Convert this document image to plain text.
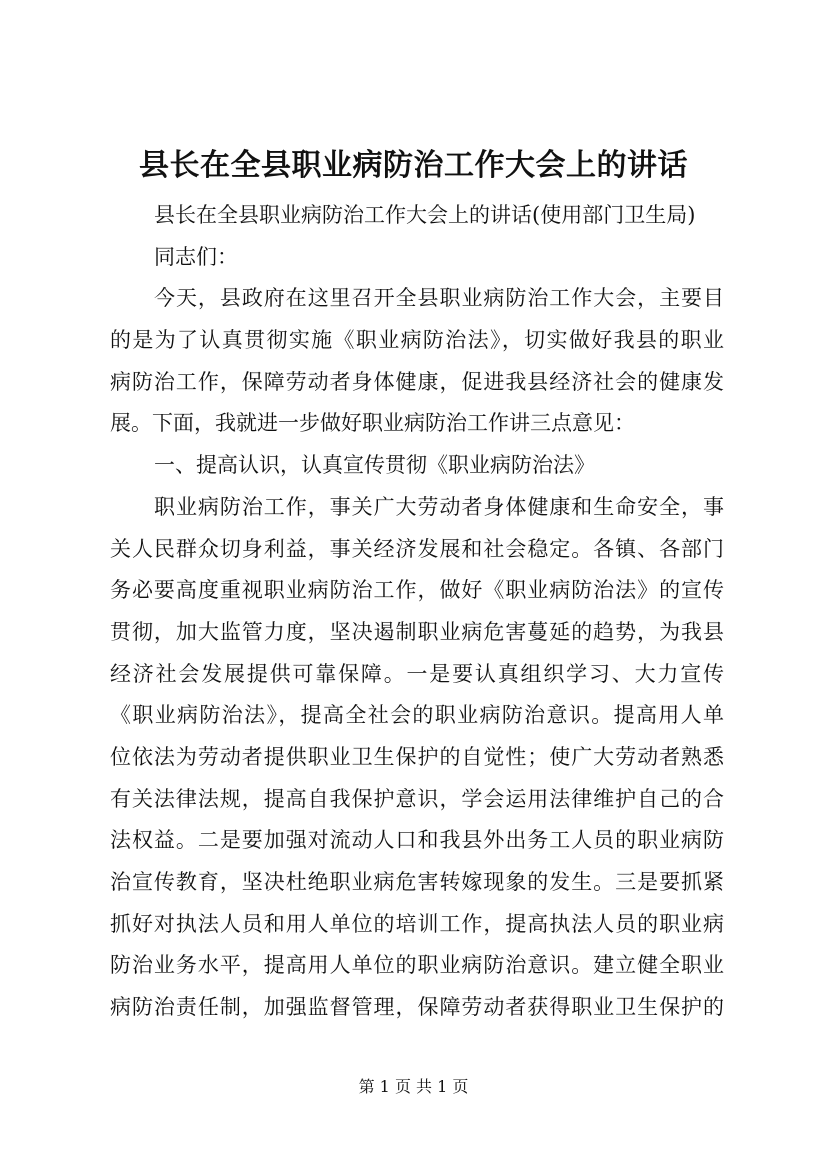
县长在全县职业病防治工作大会上的讲话
县长在全县职业病防治工作大会上的讲话(使用部门卫生局)
同志们：
今天，县政府在这里召开全县职业病防治工作大会，主要目
的是为了认真贯彻实施《职业病防治法》，切实做好我县的职业
病防治工作，保障劳动者身体健康，促进我县经济社会的健康发
展。下面，我就进一步做好职业病防治工作讲三点意见：
一、提高认识，认真宣传贯彻《职业病防治法》
职业病防治工作，事关广大劳动者身体健康和生命安全，事
关人民群众切身利益，事关经济发展和社会稳定。各镇、各部门
务必要高度重视职业病防治工作，做好《职业病防治法》的宣传
贯彻，加大监管力度，坚决遏制职业病危害蔓延的趋势，为我县
经济社会发展提供可靠保障。一是要认真组织学习、大力宣传
《职业病防治法》，提高全社会的职业病防治意识。提高用人单
位依法为劳动者提供职业卫生保护的自觉性；使广大劳动者熟悉
有关法律法规，提高自我保护意识，学会运用法律维护自己的合
法权益。二是要加强对流动人口和我县外出务工人员的职业病防
治宣传教育，坚决杜绝职业病危害转嫁现象的发生。三是要抓紧
抓好对执法人员和用人单位的培训工作，提高执法人员的职业病
防治业务水平，提高用人单位的职业病防治意识。建立健全职业
病防治责任制，加强监督管理，保障劳动者获得职业卫生保护的
第 1 页 共 1 页
